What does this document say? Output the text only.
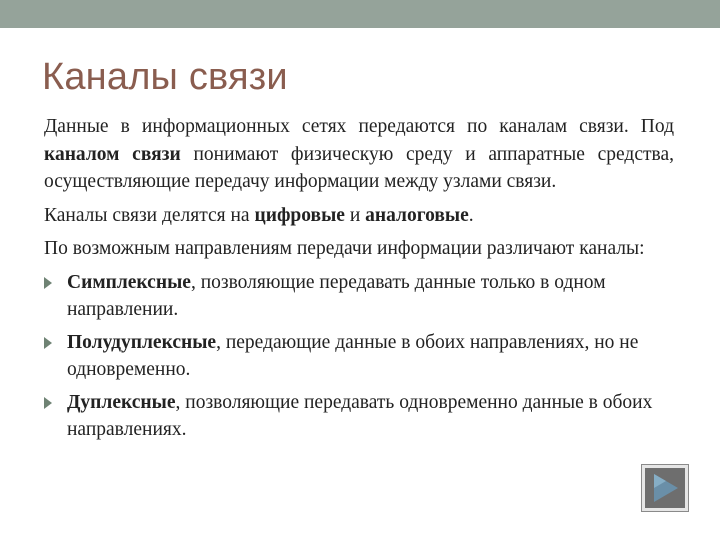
Каналы связи

Данные в информационных сетях передаются по каналам связи. Под каналом связи понимают физическую среду и аппаратные средства, осуществляющие передачу информации между узлами связи.

Каналы связи делятся на цифровые и аналоговые.

По возможным направлениям передачи информации различают каналы:

Симплексные, позволяющие передавать данные только в одном направлении.
Полудуплексные, передающие данные в обоих направлениях, но не одновременно.
Дуплексные, позволяющие передавать одновременно данные в обоих направлениях.
